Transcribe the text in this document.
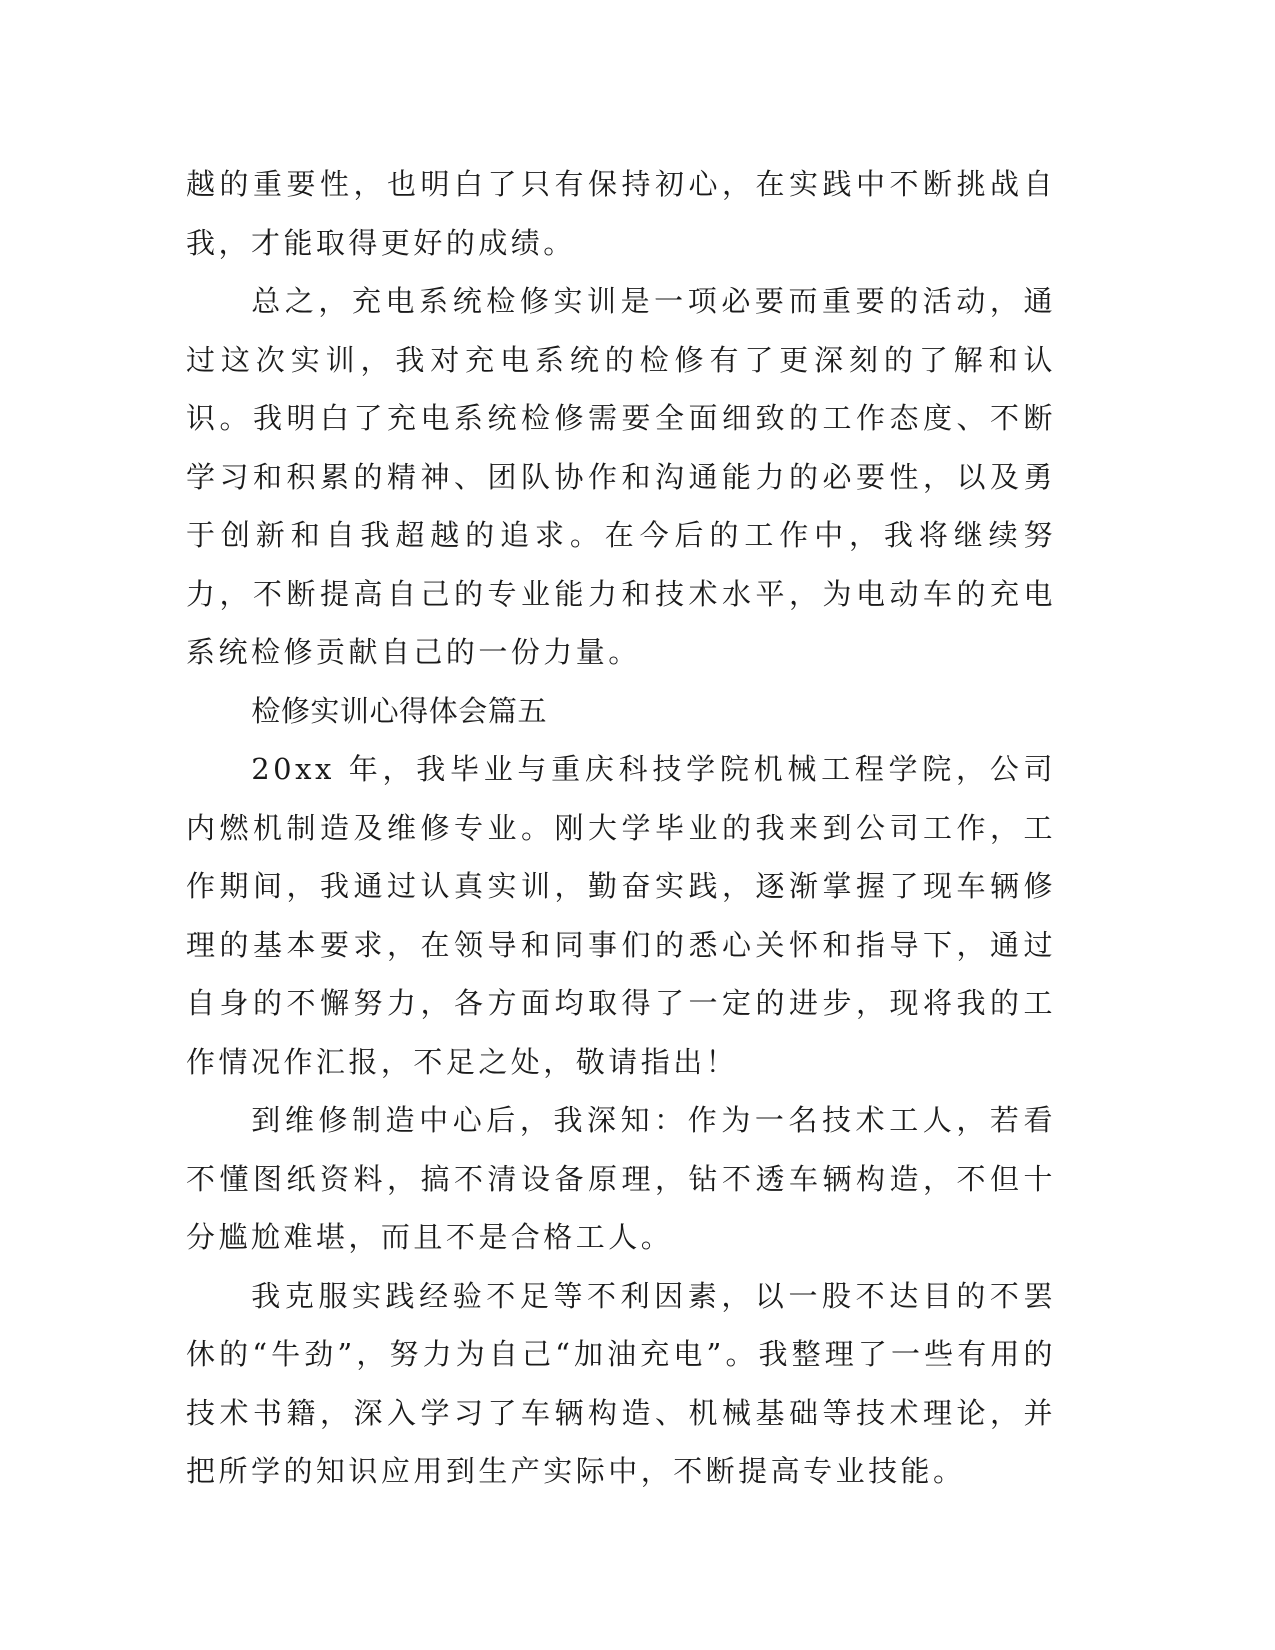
越的重要性，也明白了只有保持初心，在实践中不断挑战自我，才能取得更好的成绩。

总之，充电系统检修实训是一项必要而重要的活动，通过这次实训，我对充电系统的检修有了更深刻的了解和认识。我明白了充电系统检修需要全面细致的工作态度、不断学习和积累的精神、团队协作和沟通能力的必要性，以及勇于创新和自我超越的追求。在今后的工作中，我将继续努力，不断提高自己的专业能力和技术水平，为电动车的充电系统检修贡献自己的一份力量。

检修实训心得体会篇五

20xx 年，我毕业与重庆科技学院机械工程学院，公司内燃机制造及维修专业。刚大学毕业的我来到公司工作，工作期间，我通过认真实训，勤奋实践，逐渐掌握了现车辆修理的基本要求，在领导和同事们的悉心关怀和指导下，通过自身的不懈努力，各方面均取得了一定的进步，现将我的工作情况作汇报，不足之处，敬请指出！

到维修制造中心后，我深知：作为一名技术工人，若看不懂图纸资料，搞不清设备原理，钻不透车辆构造，不但十分尴尬难堪，而且不是合格工人。

我克服实践经验不足等不利因素，以一股不达目的不罢休的“牛劲”，努力为自己“加油充电”。我整理了一些有用的技术书籍，深入学习了车辆构造、机械基础等技术理论，并把所学的知识应用到生产实际中，不断提高专业技能。
